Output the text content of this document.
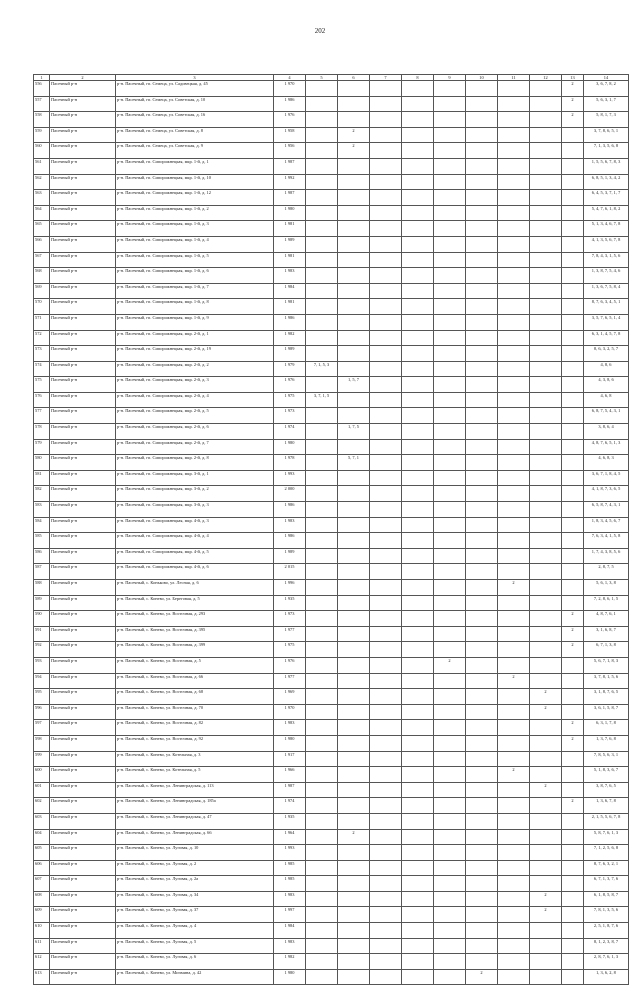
202
1	2	3	4	5	6	7	8	9	10	11	12	13	14
556	Пасечный р-н	р-н. Пасечный, гп. Семеца, ул. Садовецкая, д. 45	1 970									2	3, 6, 7, 8, 2
557	Пасечный р-н	р-н. Пасечный, гп. Семеца, ул. Советская, д. 10	1 986									2	5, 6, 3, 1, 7
558	Пасечный р-н	р-н. Пасечный, гп. Семеца, ул. Советская, д. 16	1 976									2	5, 8, 1, 7, 3
559	Пасечный р-н	р-н. Пасечный, гп. Семеца, ул. Советская, д. 8	1 958		2								3, 7, 8, 6, 5, 1
560	Пасечный р-н	р-н. Пасечный, гп. Семеца, ул. Советская, д. 9	1 956		2								7, 1, 3, 5, 6, 8
561	Пасечный р-н	р-н. Пасечный, гп. Сипорожнецкая, мкр. 1-й, д. 1	1 987										1, 5, 5, 6, 7, 8, 3
562	Пасечный р-н	р-н. Пасечный, гп. Сипорожнецкая, мкр. 1-й, д. 10	1 992										6, 8, 5, 1, 3, 4, 2
563	Пасечный р-н	р-н. Пасечный, гп. Сипорожнецкая, мкр. 1-й, д. 12	1 987										6, 4, 5, 3, 7, 1, 7
564	Пасечный р-н	р-н. Пасечный, гп. Сипорожнецкая, мкр. 1-й, д. 2	1 980										5, 4, 7, 6, 1, 8, 2
565	Пасечный р-н	р-н. Пасечный, гп. Сипорожнецкая, мкр. 1-й, д. 3	1 981										5, 1, 3, 4, 6, 7, 8
566	Пасечный р-н	р-н. Пасечный, гп. Сипорожнецкая, мкр. 1-й, д. 4	1 989										4, 1, 3, 5, 6, 7, 8
567	Пасечный р-н	р-н. Пасечный, гп. Сипорожнецкая, мкр. 1-й, д. 5	1 981										7, 8, 4, 3, 1, 5, 6
568	Пасечный р-н	р-н. Пасечный, гп. Сипорожнецкая, мкр. 1-й, д. 6	1 983										1, 3, 8, 7, 5, 4, 6
569	Пасечный р-н	р-н. Пасечный, гп. Сипорожнецкая, мкр. 1-й, д. 7	1 984										1, 3, 6, 7, 5, 8, 4
570	Пасечный р-н	р-н. Пасечный, гп. Сипорожнецкая, мкр. 1-й, д. 8	1 981										8, 7, 6, 3, 4, 5, 1
571	Пасечный р-н	р-н. Пасечный, гп. Сипорожнецкая, мкр. 1-й, д. 9	1 986										3, 5, 7, 6, 5, 1, 4
572	Пасечный р-н	р-н. Пасечный, гп. Сипорожнецкая, мкр. 2-й, д. 1	1 982										6, 3, 1, 4, 5, 7, 8
573	Пасечный р-н	р-н. Пасечный, гп. Сипорожнецкая, мкр. 2-й, д. 19	1 989										8, 6, 3, 2, 5, 7
574	Пасечный р-н	р-н. Пасечный, гп. Сипорожнецкая, мкр. 2-й, д. 2	1 979	7, 1, 5, 3									4, 8, 6
575	Пасечный р-н	р-н. Пасечный, гп. Сипорожнецкая, мкр. 2-й, д. 3	1 976		1, 5, 7								4, 3, 8, 6
576	Пасечный р-н	р-н. Пасечный, гп. Сипорожнецкая, мкр. 2-й, д. 4	1 975	3, 7, 1, 5									4, 6, 8
577	Пасечный р-н	р-н. Пасечный, гп. Сипорожнецкая, мкр. 2-й, д. 5	1 973										6, 8, 7, 5, 4, 3, 1
578	Пасечный р-н	р-н. Пасечный, гп. Сипорожнецкая, мкр. 2-й, д. 6	1 974		1, 7, 5								3, 8, 6, 4
579	Пасечный р-н	р-н. Пасечный, гп. Сипорожнецкая, мкр. 2-й, д. 7	1 980										4, 8, 7, 6, 5, 1, 3
580	Пасечный р-н	р-н. Пасечный, гп. Сипорожнецкая, мкр. 2-й, д. 8	1 978		5, 7, 1								4, 6, 8, 3
581	Пасечный р-н	р-н. Пасечный, гп. Сипорожнецкая, мкр. 3-й, д. 1	1 993										3, 6, 7, 1, 8, 4, 5
582	Пасечный р-н	р-н. Пасечный, гп. Сипорожнецкая, мкр. 3-й, д. 2	2 000										4, 1, 8, 7, 3, 6, 5
583	Пасечный р-н	р-н. Пасечный, гп. Сипорожнецкая, мкр. 3-й, д. 3	1 986										6, 5, 8, 7, 4, 3, 1
584	Пасечный р-н	р-н. Пасечный, гп. Сипорожнецкая, мкр. 4-й, д. 3	1 983										1, 8, 3, 4, 5, 6, 7
585	Пасечный р-н	р-н. Пасечный, гп. Сипорожнецкая, мкр. 4-й, д. 4	1 986										7, 6, 3, 4, 1, 5, 8
586	Пасечный р-н	р-н. Пасечный, гп. Сипорожнецкая, мкр. 4-й, д. 5	1 989										1, 7, 4, 3, 8, 5, 6
587	Пасечный р-н	р-н. Пасечный, гп. Сипорожнецкая, мкр. 4-й, д. 6	2 015										2, 8, 7, 5
588	Пасечный р-н	р-н. Пасечный, с. Коньково, ул. Лесная, д. 6	1 996							2			5, 6, 1, 3, 8
589	Пасечный р-н	р-н. Пасечный, с. Конево, ул. Береговая, д. 5	1 935										7, 2, 8, 6, 1, 5
590	Пасечный р-н	р-н. Пасечный, с. Конево, ул. Восточная, д. 293	1 973									2	4, 8, 7, 6, 1
591	Пасечный р-н	р-н. Пасечный, с. Конево, ул. Восточная, д. 395	1 977									2	3, 1, 6, 8, 7
592	Пасечный р-н	р-н. Пасечный, с. Конево, ул. Восточная, д. 399	1 975									2	6, 7, 1, 3, 8
593	Пасечный р-н	р-н. Пасечный, с. Конево, ул. Восточная, д. 5	1 976					2					5, 6, 7, 1, 8, 3
594	Пасечный р-н	р-н. Пасечный, с. Конево, ул. Восточная, д. 66	1 977							2			3, 7, 8, 1, 5, 6
595	Пасечный р-н	р-н. Пасечный, с. Конево, ул. Восточная, д. 68	1 969								2		3, 1, 8, 7, 6, 5
596	Пасечный р-н	р-н. Пасечный, с. Конево, ул. Восточная, д. 70	1 970								2		3, 6, 1, 5, 8, 7
597	Пасечный р-н	р-н. Пасечный, с. Конево, ул. Восточная, д. 82	1 983									2	6, 3, 1, 7, 8
598	Пасечный р-н	р-н. Пасечный, с. Конево, ул. Восточная, д. 92	1 980									2	1, 3, 7, 6, 8
599	Пасечный р-н	р-н. Пасечный, с. Конево, ул. Котельная, д. 3	1 917										7, 8, 5, 6, 3, 1
600	Пасечный р-н	р-н. Пасечный, с. Конево, ул. Котельная, д. 5	1 966							2			5, 1, 8, 3, 6, 7
601	Пасечный р-н	р-н. Пасечный, с. Конево, ул. Ленинградская, д. 113	1 987								2		3, 8, 7, 6, 5
602	Пасечный р-н	р-н. Пасечный, с. Конево, ул. Ленинградская, д. 185а	1 974									2	1, 3, 6, 7, 8
603	Пасечный р-н	р-н. Пасечный, с. Конево, ул. Ленинградская, д. 47	1 935										2, 1, 5, 5, 6, 7, 8
604	Пасечный р-н	р-н. Пасечный, с. Конево, ул. Ленинградская, д. 66	1 964		2								5, 8, 7, 6, 1, 3
605	Пасечный р-н	р-н. Пасечный, с. Конево, ул. Луговая, д. 10	1 993										7, 1, 2, 5, 6, 8
606	Пасечный р-н	р-н. Пасечный, с. Конево, ул. Луговая, д. 2	1 985										8, 7, 6, 3, 2, 1
607	Пасечный р-н	р-н. Пасечный, с. Конево, ул. Луговая, д. 2а	1 985										6, 7, 1, 3, 7, 6
608	Пасечный р-н	р-н. Пасечный, с. Конево, ул. Луговая, д. 34	1 983								2		6, 1, 8, 5, 8, 7
609	Пасечный р-н	р-н. Пасечный, с. Конево, ул. Луговая, д. 37	1 997								2		7, 8, 1, 3, 5, 6
610	Пасечный р-н	р-н. Пасечный, с. Конево, ул. Луговая, д. 4	1 984										2, 5, 1, 8, 7, 6
611	Пасечный р-н	р-н. Пасечный, с. Конево, ул. Луговая, д. 5	1 983										8, 1, 2, 3, 8, 7
612	Пасечный р-н	р-н. Пасечный, с. Конево, ул. Луговая, д. 6	1 982										2, 8, 7, 6, 1, 3
613	Пасечный р-н	р-н. Пасечный, с. Конево, ул. Мичмина, д. 42	1 980						2				1, 3, 6, 2, 8
